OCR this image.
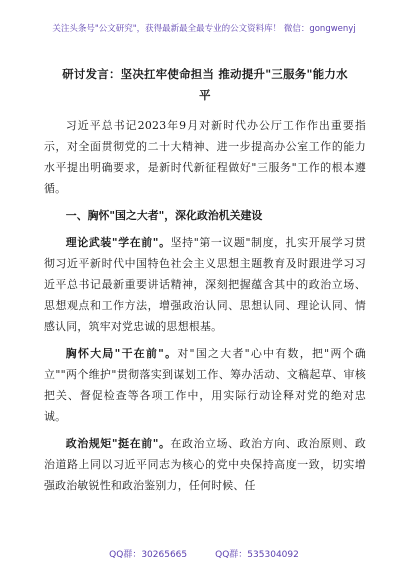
关注头条号"公文研究"，获得最新最全最专业的公文资料库！ 微信：gongwenyj
研讨发言：坚决扛牢使命担当 推动提升"三服务"能力水
平

习近平总书记2023年9月对新时代办公厅工作作出重要指示，对全面贯彻党的二十大精神、进一步提高办公室工作的能力水平提出明确要求，是新时代新征程做好"三服务"工作的根本遵循。

一、胸怀"国之大者"，深化政治机关建设

理论武装"学在前"。坚持"第一议题"制度，扎实开展学习贯彻习近平新时代中国特色社会主义思想主题教育及时跟进学习习近平总书记最新重要讲话精神，深刻把握蕴含其中的政治立场、思想观点和工作方法，增强政治认同、思想认同、理论认同、情感认同，筑牢对党忠诚的思想根基。

胸怀大局"干在前"。对"国之大者"心中有数，把"两个确立""两个维护"贯彻落实到谋划工作、筹办活动、文稿起草、审核把关、督促检查等各项工作中，用实际行动诠释对党的绝对忠诚。

政治规矩"挺在前"。在政治立场、政治方向、政治原则、政治道路上同以习近平同志为核心的党中央保持高度一致，切实增强政治敏锐性和政治鉴别力，任何时候、任

QQ群：30265665	QQ群：535304092
